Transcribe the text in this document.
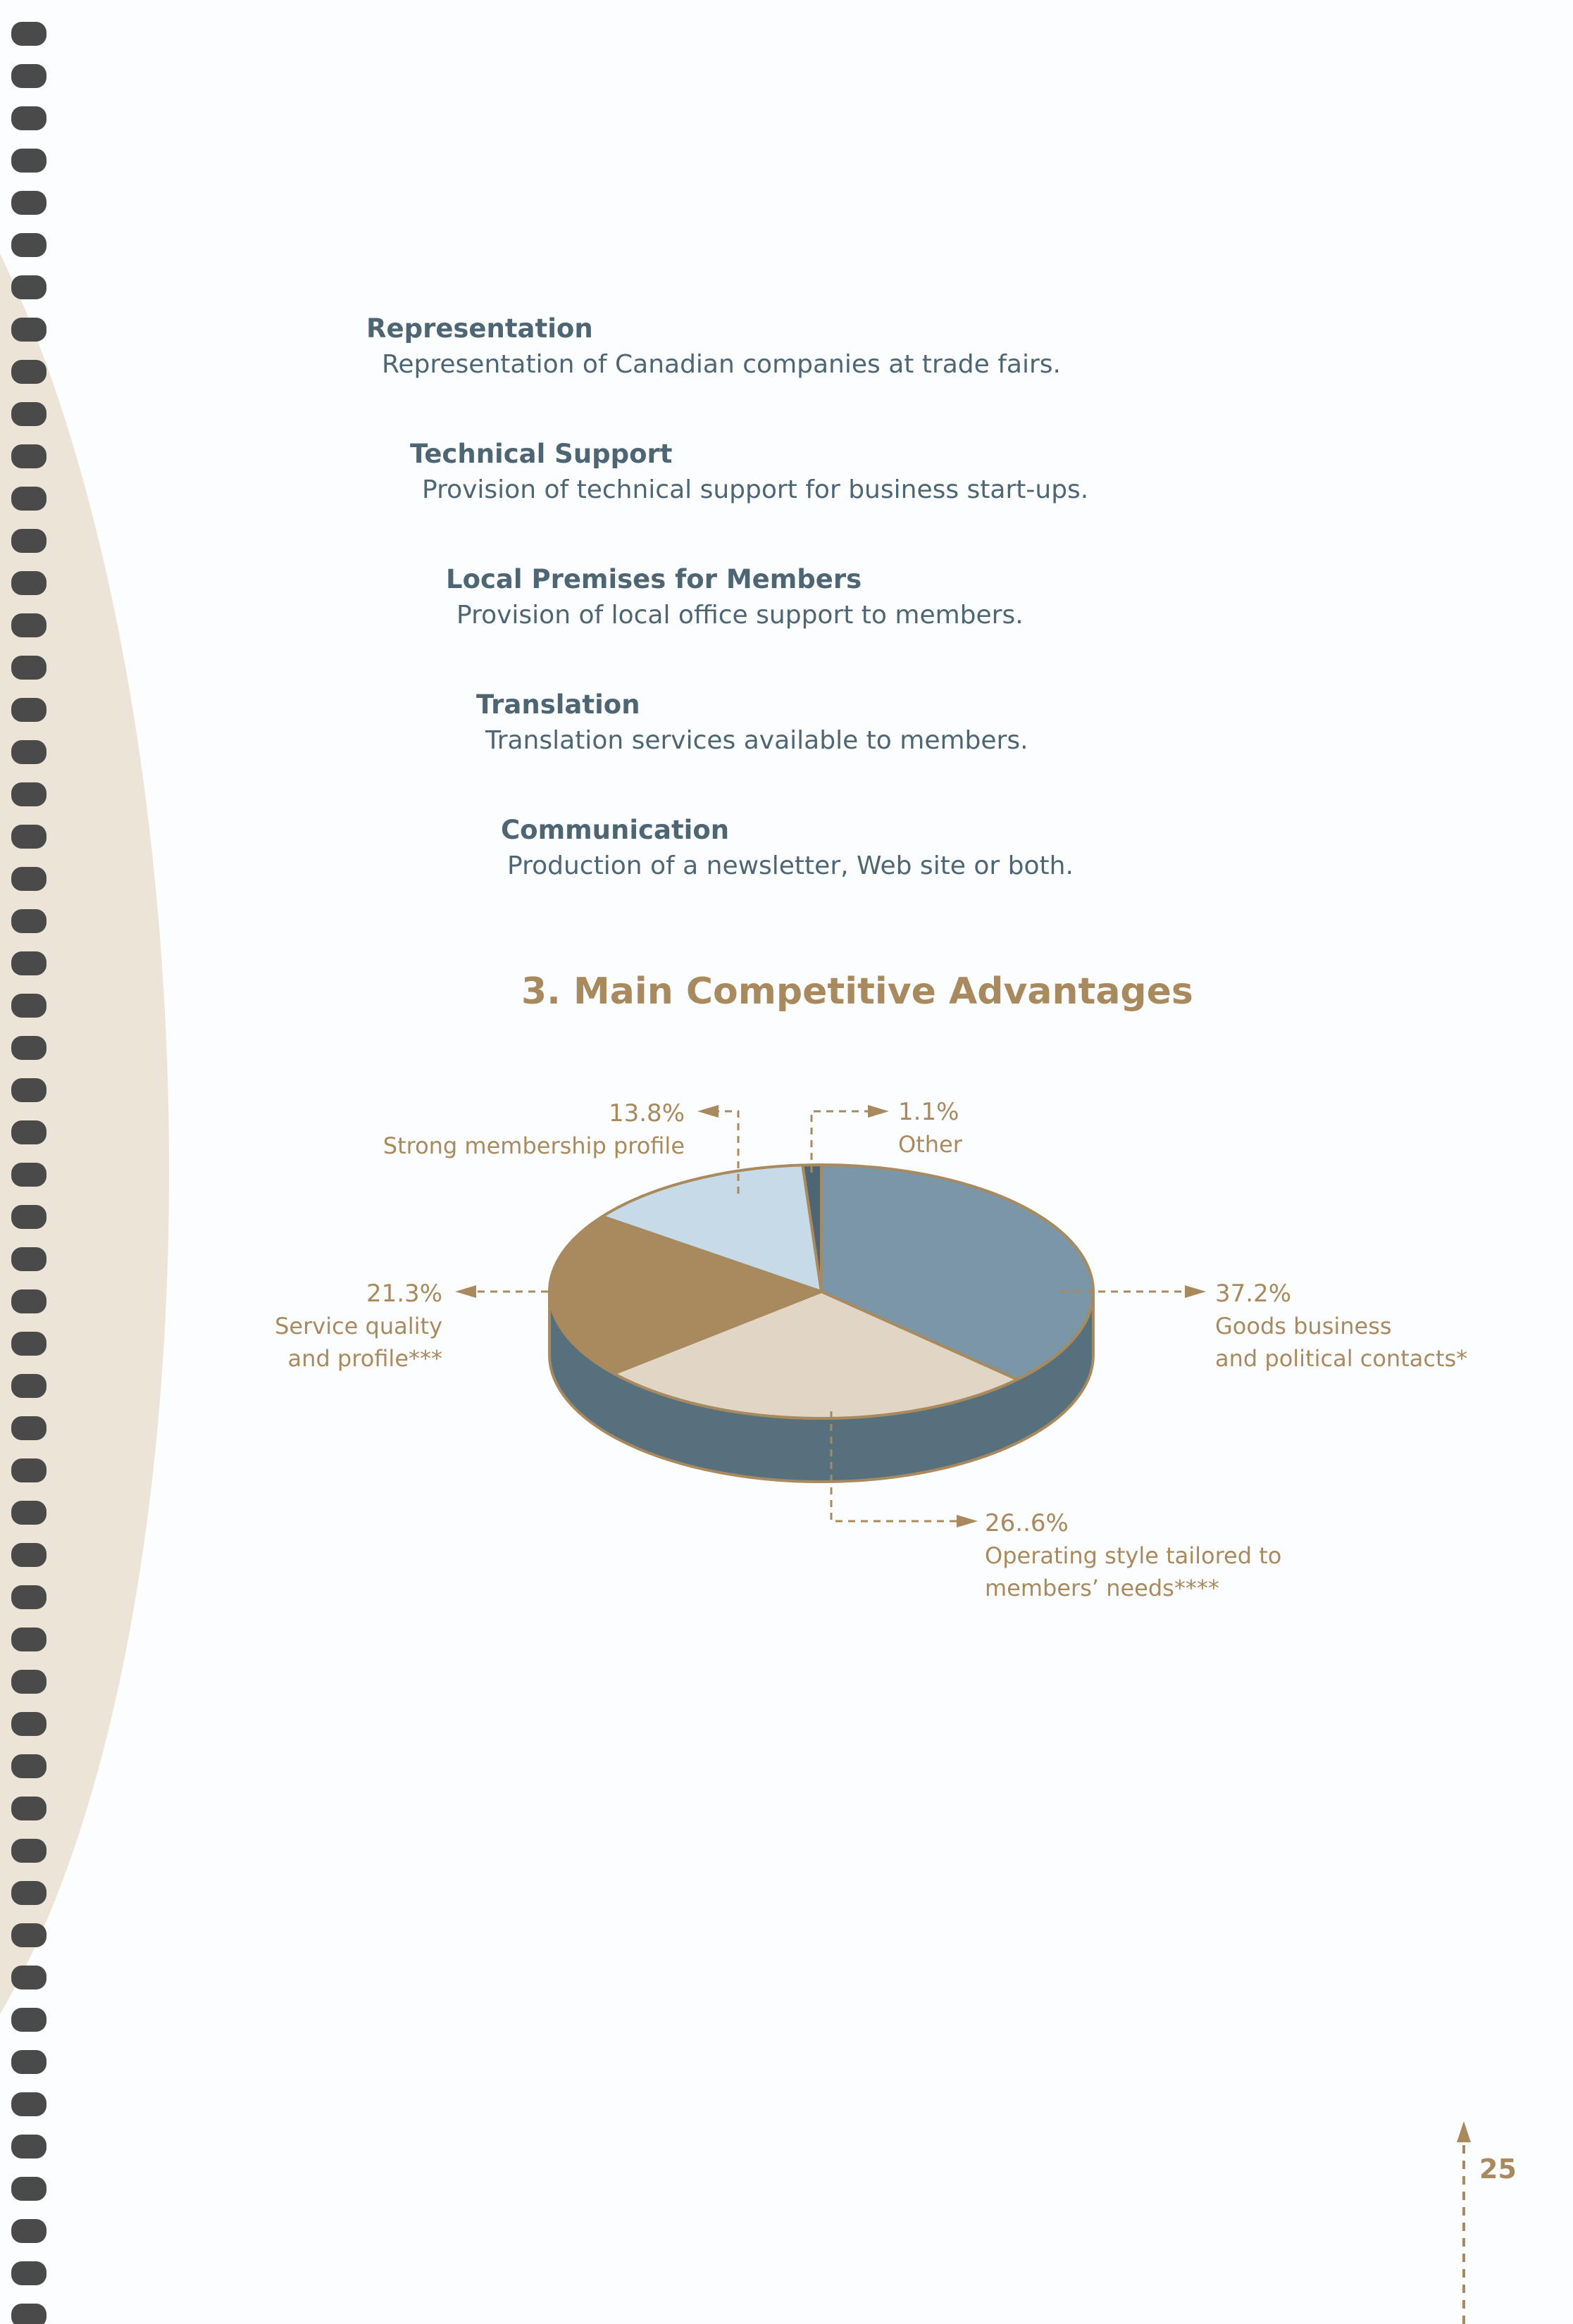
Representation

Representation of Canadian companies at trade fairs.

Technical Support

Provision of technical support for business start-ups.

Local Premises for Members

Provision of local office support to members.

Translation

Translation services available to members.

Communication

Production of a newsletter, Web site or both.

3. Main Competitive Advantages
37.2%
Goods business
and political contacts*
26..6%
Operating style tailored to
members’ needs****
21.3%
Service quality
and profile***
13.8%
Strong membership profile
1.1%
Other
25
